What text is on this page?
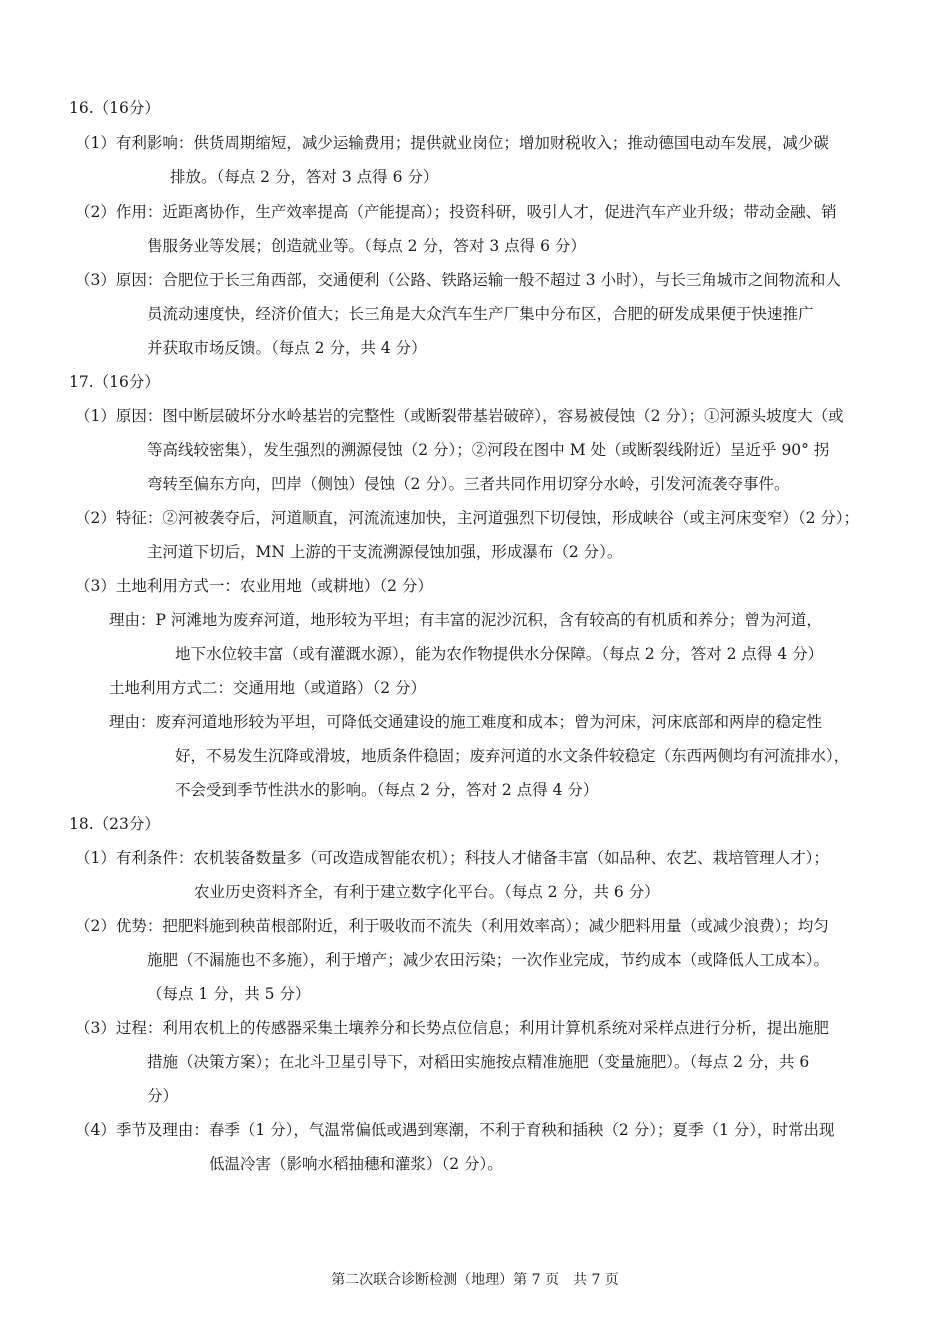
16.（16分）
（1）有利影响：供货周期缩短，减少运输费用；提供就业岗位；增加财税收入；推动德国电动车发展，减少碳
排放。（每点 2 分，答对 3 点得 6 分）
（2）作用：近距离协作，生产效率提高（产能提高）；投资科研，吸引人才，促进汽车产业升级；带动金融、销
售服务业等发展；创造就业等。（每点 2 分，答对 3 点得 6 分）
（3）原因：合肥位于长三角西部，交通便利（公路、铁路运输一般不超过 3 小时），与长三角城市之间物流和人
员流动速度快，经济价值大；长三角是大众汽车生产厂集中分布区，合肥的研发成果便于快速推广
并获取市场反馈。（每点 2 分，共 4 分）
17.（16分）
（1）原因：图中断层破坏分水岭基岩的完整性（或断裂带基岩破碎），容易被侵蚀（2 分）；①河源头坡度大（或
等高线较密集），发生强烈的溯源侵蚀（2 分）；②河段在图中 M 处（或断裂线附近）呈近乎 90° 拐
弯转至偏东方向，凹岸（侧蚀）侵蚀（2 分）。三者共同作用切穿分水岭，引发河流袭夺事件。
（2）特征：②河被袭夺后，河道顺直，河流流速加快，主河道强烈下切侵蚀，形成峡谷（或主河床变窄）（2 分）；
主河道下切后，MN 上游的干支流溯源侵蚀加强，形成瀑布（2 分）。
（3）土地利用方式一：农业用地（或耕地）（2 分）
理由：P 河滩地为废弃河道，地形较为平坦；有丰富的泥沙沉积，含有较高的有机质和养分；曾为河道，
地下水位较丰富（或有灌溉水源），能为农作物提供水分保障。（每点 2 分，答对 2 点得 4 分）
土地利用方式二：交通用地（或道路）（2 分）
理由：废弃河道地形较为平坦，可降低交通建设的施工难度和成本；曾为河床，河床底部和两岸的稳定性
好，不易发生沉降或滑坡，地质条件稳固；废弃河道的水文条件较稳定（东西两侧均有河流排水），
不会受到季节性洪水的影响。（每点 2 分，答对 2 点得 4 分）
18.（23分）
（1）有利条件：农机装备数量多（可改造成智能农机）；科技人才储备丰富（如品种、农艺、栽培管理人才）；
农业历史资料齐全，有利于建立数字化平台。（每点 2 分，共 6 分）
（2）优势：把肥料施到秧苗根部附近，利于吸收而不流失（利用效率高）；减少肥料用量（或减少浪费）；均匀
施肥（不漏施也不多施），利于增产；减少农田污染；一次作业完成，节约成本（或降低人工成本）。
（每点 1 分，共 5 分）
（3）过程：利用农机上的传感器采集土壤养分和长势点位信息；利用计算机系统对采样点进行分析，提出施肥
措施（决策方案）；在北斗卫星引导下，对稻田实施按点精准施肥（变量施肥）。（每点 2 分，共 6
分）
（4）季节及理由：春季（1 分），气温常偏低或遇到寒潮，不利于育秧和插秧（2 分）；夏季（1 分），时常出现
低温冷害（影响水稻抽穗和灌浆）（2 分）。
第二次联合诊断检测（地理）第 7 页　共 7 页
